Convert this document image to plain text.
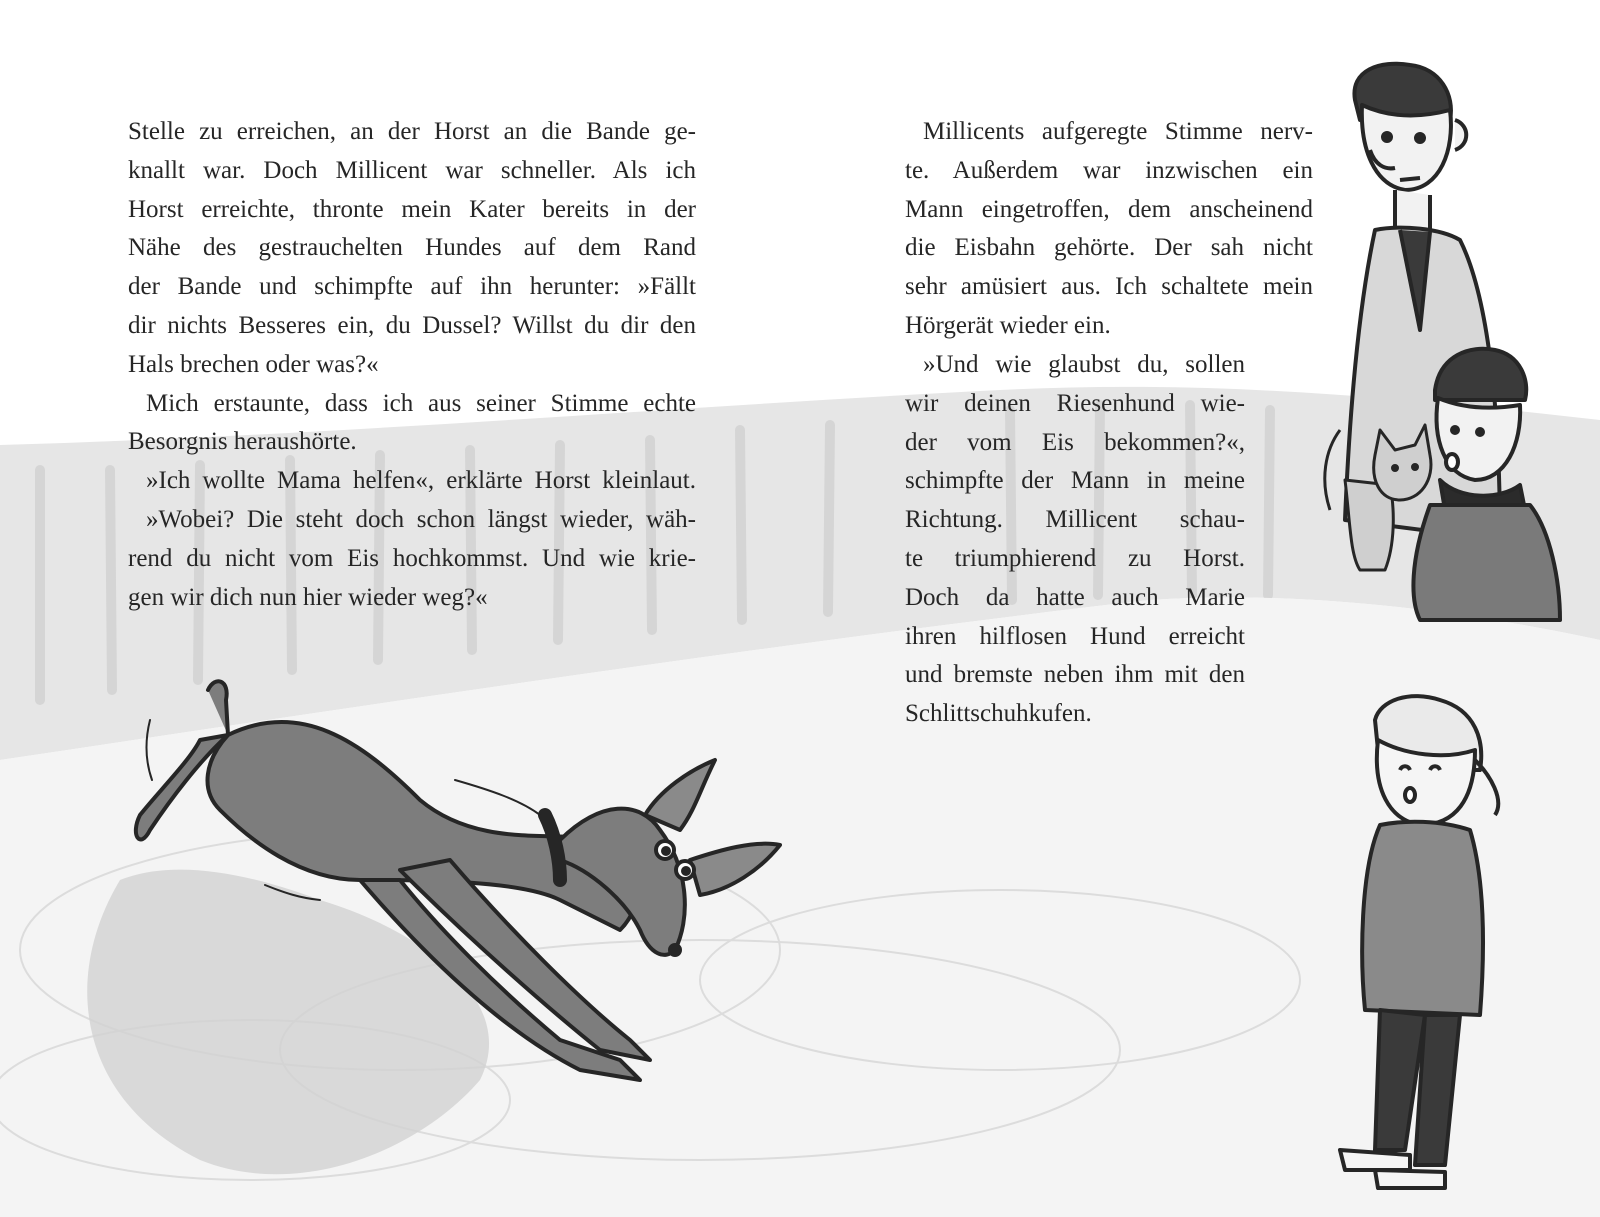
Stelle zu erreichen, an der Horst an die Bande ge-
knallt war. Doch Millicent war schneller. Als ich
Horst erreichte, thronte mein Kater bereits in der
Nähe des gestrauchelten Hundes auf dem Rand
der Bande und schimpfte auf ihn herunter: »Fällt
dir nichts Besseres ein, du Dussel? Willst du dir den
Hals brechen oder was?«
Mich erstaunte, dass ich aus seiner Stimme echte
Besorgnis heraushörte.
»Ich wollte Mama helfen«, erklärte Horst kleinlaut.
»Wobei? Die steht doch schon längst wieder, wäh-
rend du nicht vom Eis hochkommst. Und wie krie-
gen wir dich nun hier wieder weg?«
Millicents aufgeregte Stimme nerv-
te. Außerdem war inzwischen ein
Mann eingetroffen, dem anscheinend
die Eisbahn gehörte. Der sah nicht
sehr amüsiert aus. Ich schaltete mein
Hörgerät wieder ein.
»Und wie glaubst du, sollen
wir deinen Riesenhund wie-
der vom Eis bekommen?«,
schimpfte der Mann in meine
Richtung. Millicent schau-
te triumphierend zu Horst.
Doch da hatte auch Marie
ihren hilflosen Hund erreicht
und bremste neben ihm mit den
Schlittschuhkufen.
